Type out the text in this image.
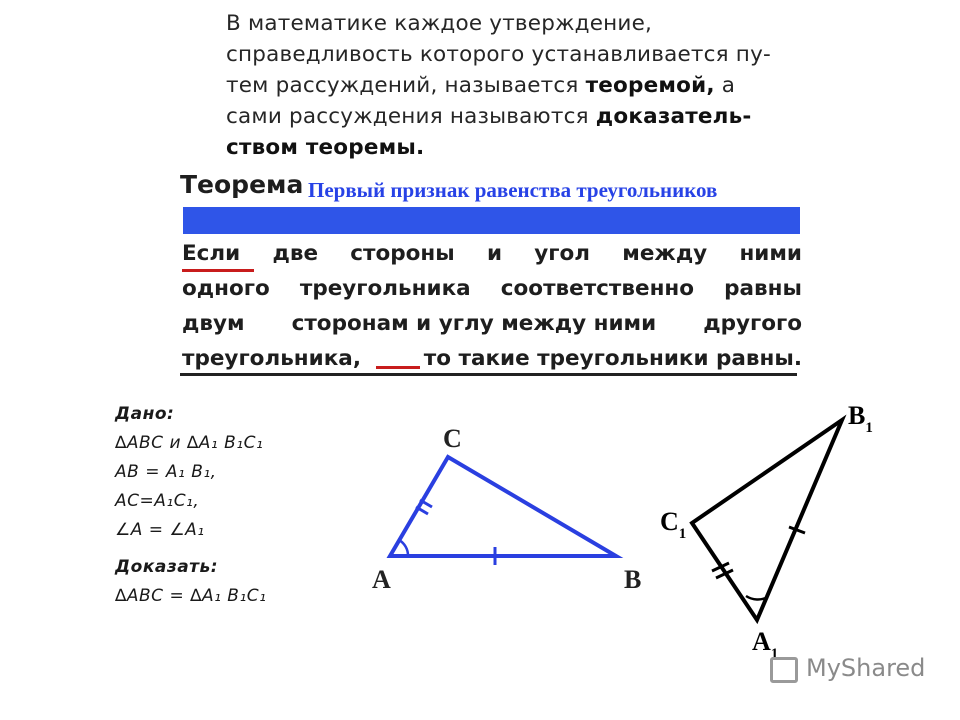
В математике каждое утверждение,
справедливость которого устанавливается пу-
тем рассуждений, называется теоремой, а
сами рассуждения называются доказатель-
ством теоремы.
Теорема Первый признак равенства треугольников
Если две стороны и угол между ними
одного треугольника соответственно равны
двум сторонам и углу между ними другого
треугольника,	то такие треугольники равны.
Дано:
∆ABC и ∆A₁ B₁C₁
AB = A₁ B₁,
AC=A₁C₁,
∠A = ∠A₁
Доказать:
∆ABC = ∆A₁ B₁C₁
C
A	B
$B_1$
$C_1$
$A_1$ MyShared
